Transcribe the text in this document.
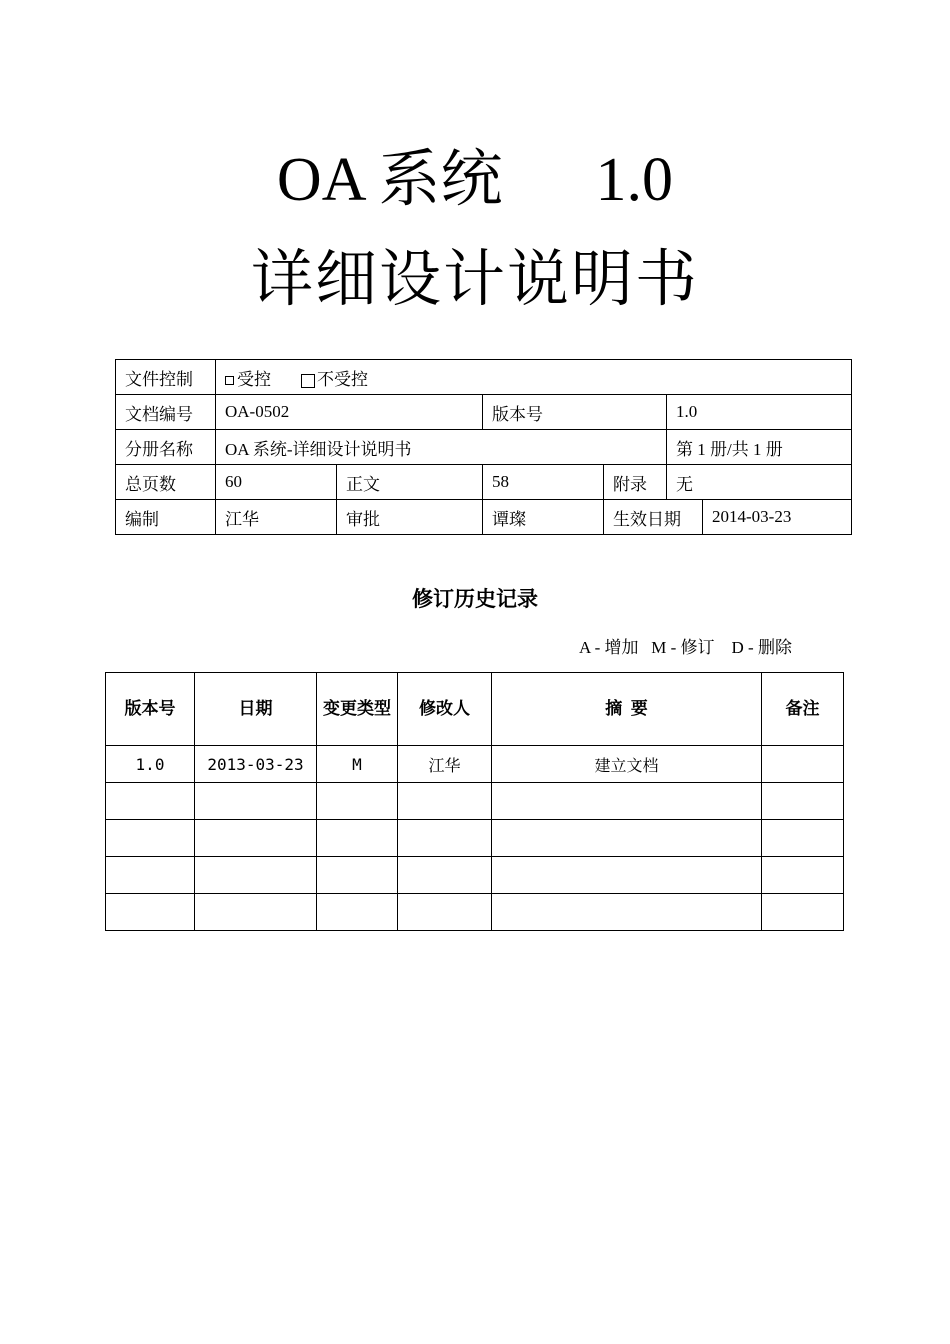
OA 系统      1.0
详细设计说明书
文件控制	受控 不受控					
文档编号	OA-0502		版本号		1.0	
分册名称	OA 系统-详细设计说明书				第 1 册/共 1 册	
总页数	60	正文	58	附录	无	
编制	江华	审批	谭璨	生效日期		2014-03-23
修订历史记录
A - 增加   M - 修订    D - 删除
版本号	日期	变更类型	修改人	摘  要	备注
1.0	2013-03-23	M	江华	建立文档	
